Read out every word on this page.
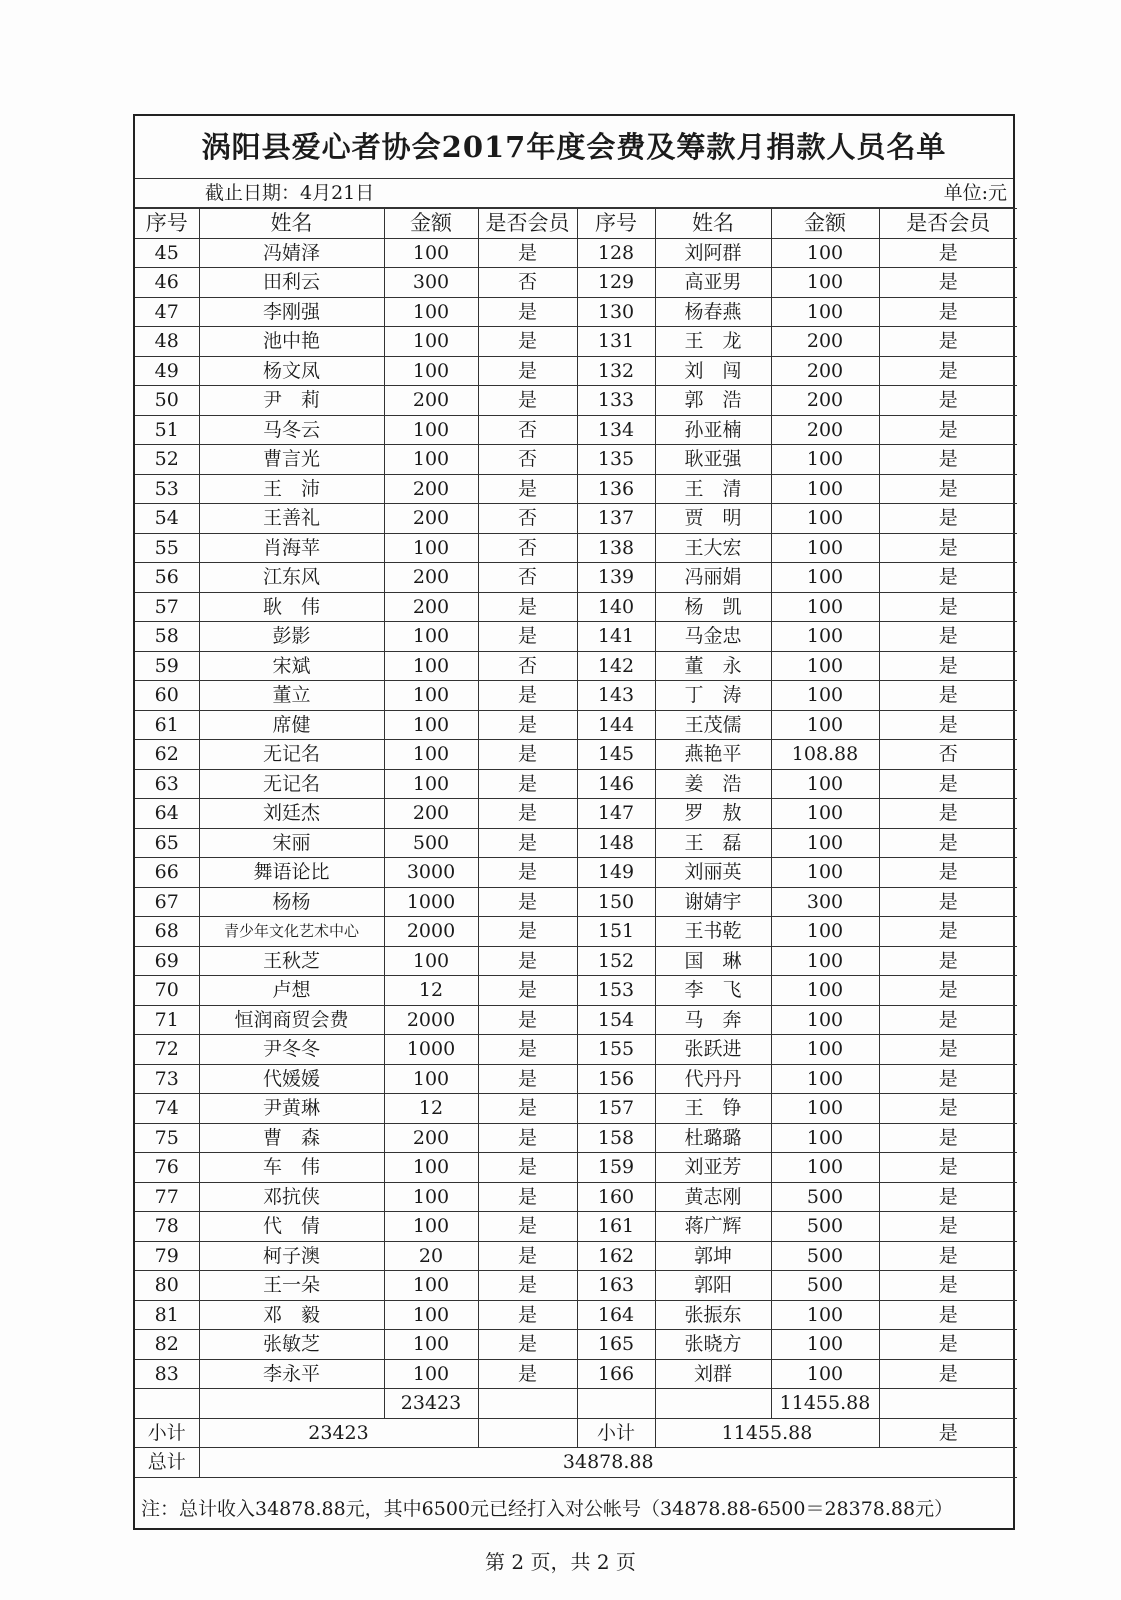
涡阳县爱心者协会2017年度会费及筹款月捐款人员名单
截止日期：4月21日	单位:元
序号	姓名	金额	是否会员	序号	姓名	金额	是否会员
45	冯婧泽	100	是	128	刘阿群	100	是
46	田利云	300	否	129	高亚男	100	是
47	李刚强	100	是	130	杨春燕	100	是
48	池中艳	100	是	131	王　龙	200	是
49	杨文凤	100	是	132	刘　闯	200	是
50	尹　莉	200	是	133	郭　浩	200	是
51	马冬云	100	否	134	孙亚楠	200	是
52	曹言光	100	否	135	耿亚强	100	是
53	王　沛	200	是	136	王　清	100	是
54	王善礼	200	否	137	贾　明	100	是
55	肖海苹	100	否	138	王大宏	100	是
56	江东风	200	否	139	冯丽娟	100	是
57	耿　伟	200	是	140	杨　凯	100	是
58	彭影	100	是	141	马金忠	100	是
59	宋斌	100	否	142	董　永	100	是
60	董立	100	是	143	丁　涛	100	是
61	席健	100	是	144	王茂儒	100	是
62	无记名	100	是	145	燕艳平	108.88	否
63	无记名	100	是	146	姜　浩	100	是
64	刘廷杰	200	是	147	罗　敖	100	是
65	宋丽	500	是	148	王　磊	100	是
66	舞语论比	3000	是	149	刘丽英	100	是
67	杨杨	1000	是	150	谢婧宇	300	是
68	青少年文化艺术中心	2000	是	151	王书乾	100	是
69	王秋芝	100	是	152	国　琳	100	是
70	卢想	12	是	153	李　飞	100	是
71	恒润商贸会费	2000	是	154	马　奔	100	是
72	尹冬冬	1000	是	155	张跃进	100	是
73	代媛媛	100	是	156	代丹丹	100	是
74	尹黄琳	12	是	157	王　铮	100	是
75	曹　森	200	是	158	杜璐璐	100	是
76	车　伟	100	是	159	刘亚芳	100	是
77	邓抗侠	100	是	160	黄志刚	500	是
78	代　倩	100	是	161	蒋广辉	500	是
79	柯子澳	20	是	162	郭坤	500	是
80	王一朵	100	是	163	郭阳	500	是
81	邓　毅	100	是	164	张振东	100	是
82	张敏芝	100	是	165	张晓方	100	是
83	李永平	100	是	166	刘群	100	是
		23423				11455.88	
小计	23423			小计	11455.88		是
总计	34878.88						
注：总计收入34878.88元，其中6500元已经打入对公帐号（34878.88-6500＝28378.88元）
第 2 页，共 2 页
